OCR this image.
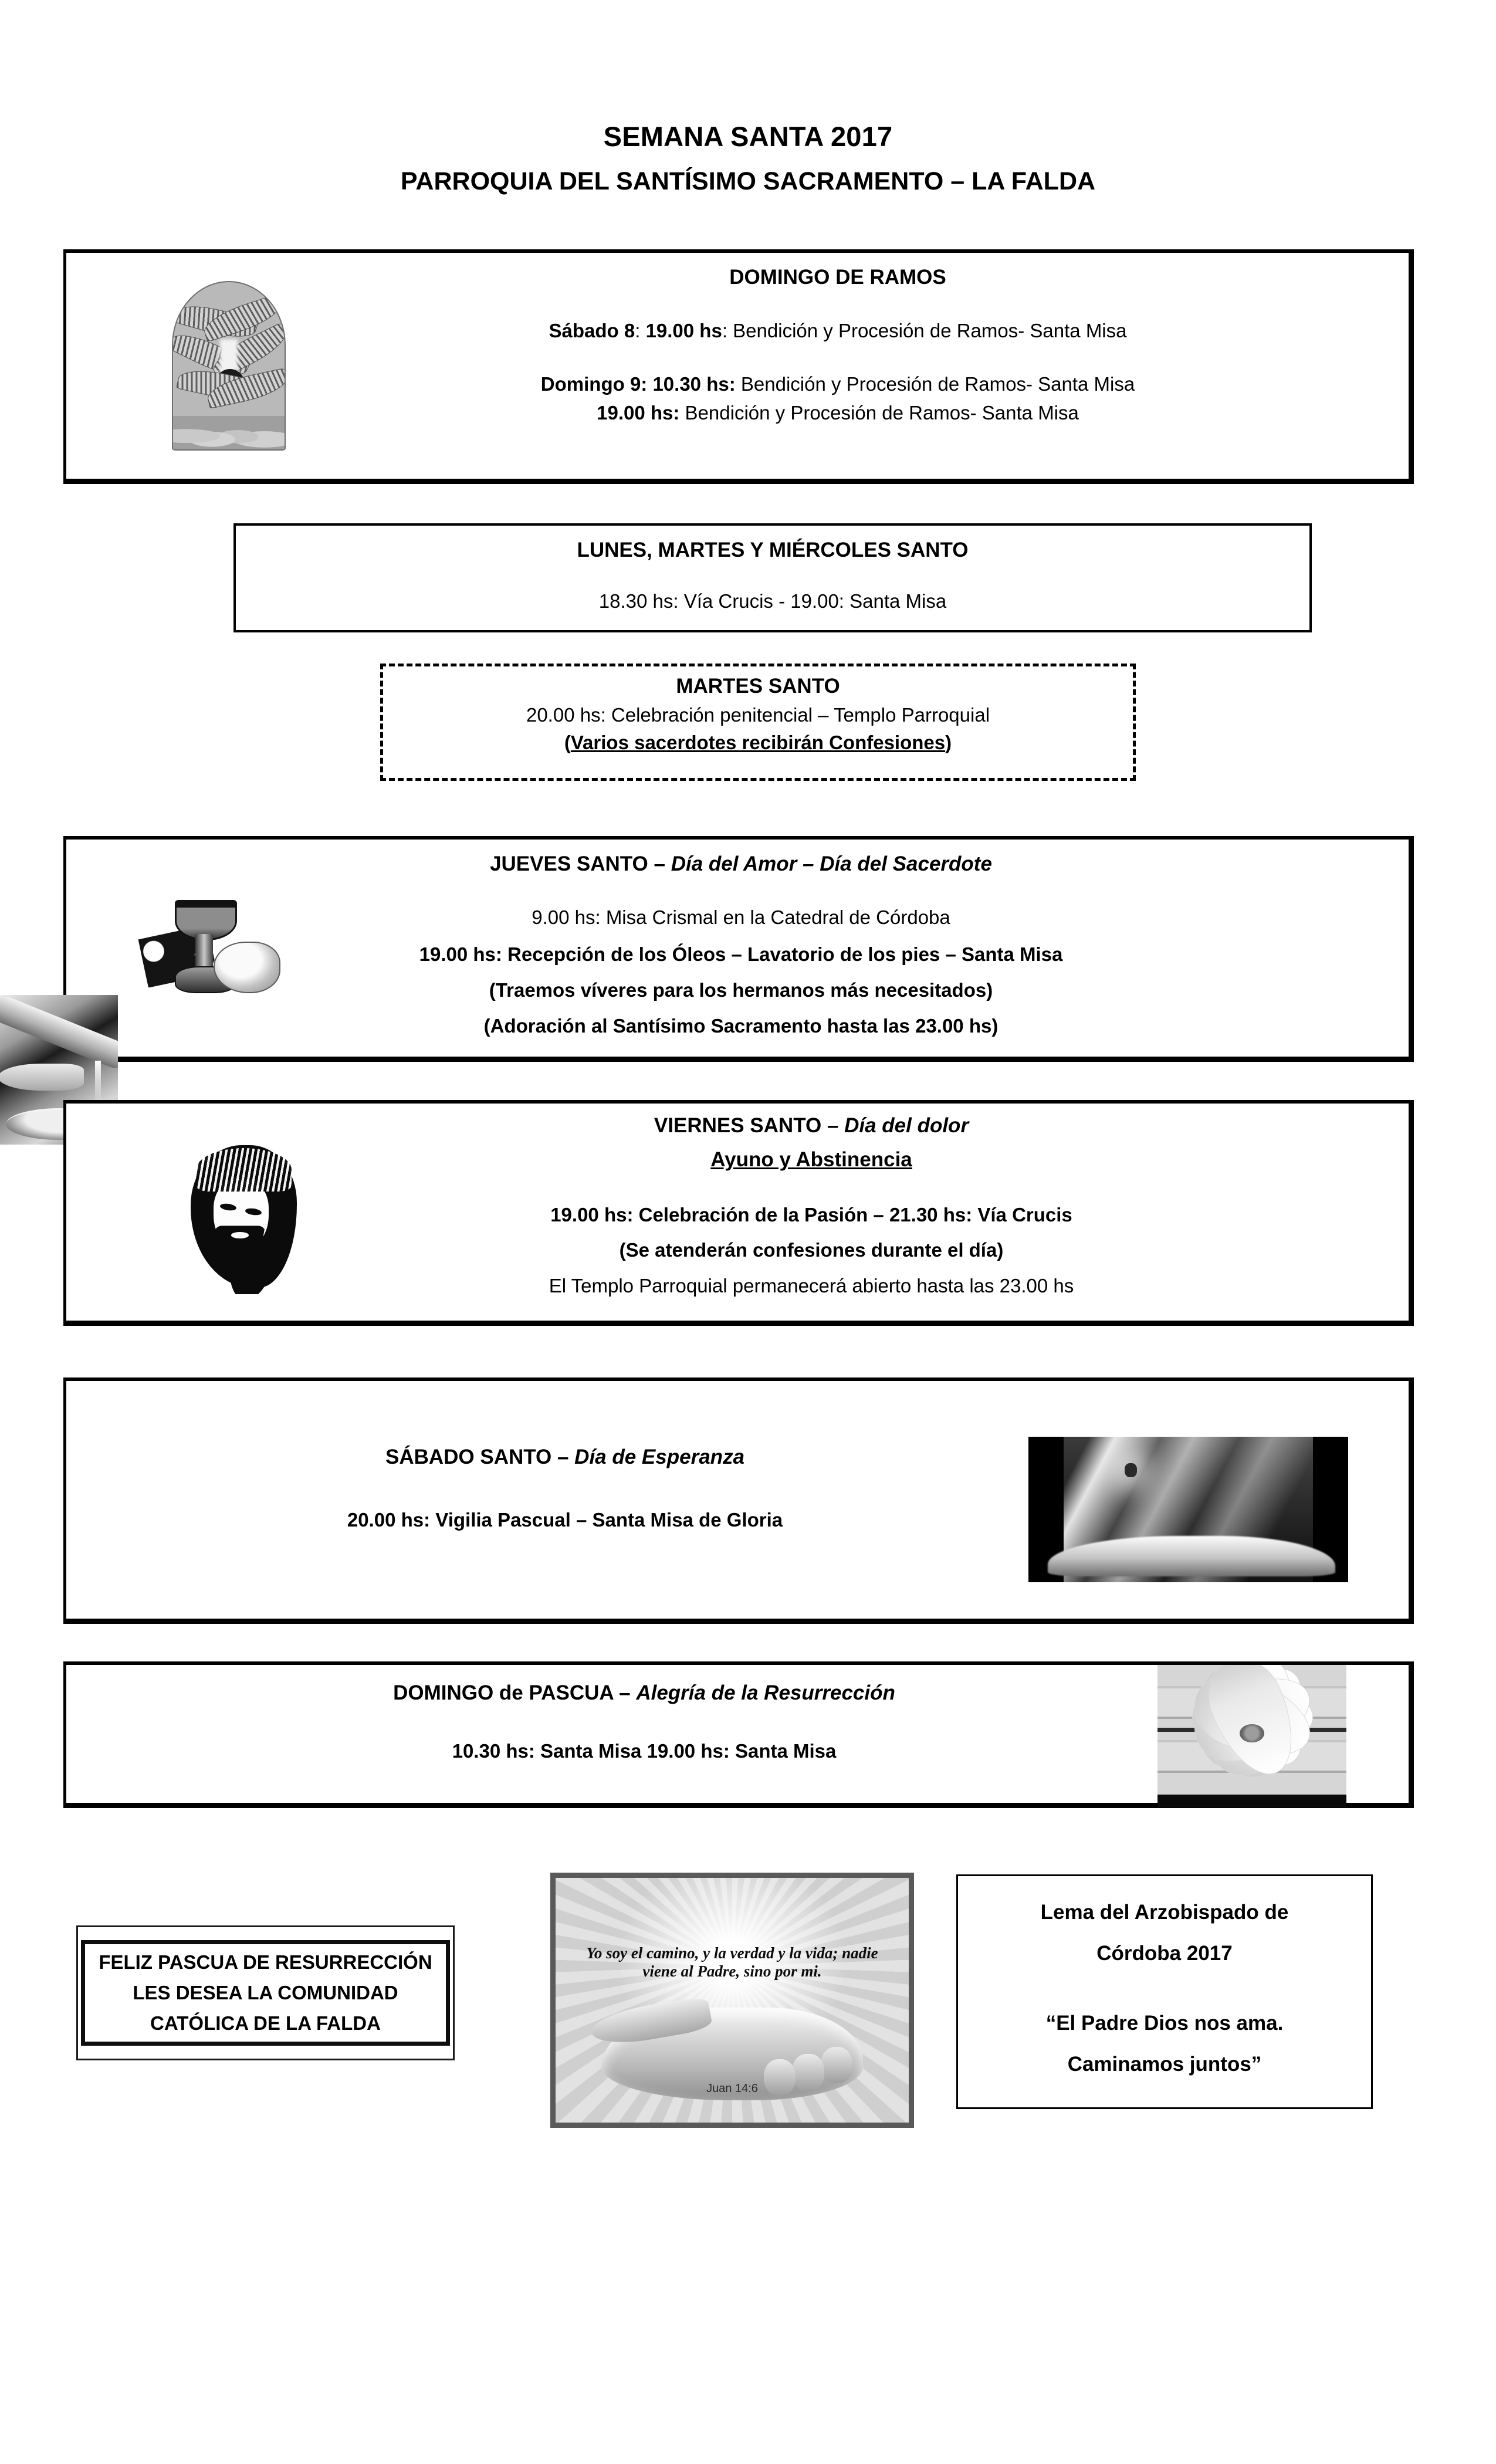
SEMANA SANTA 2017
PARROQUIA DEL SANTÍSIMO SACRAMENTO – LA FALDA
DOMINGO DE RAMOS
Sábado 8: 19.00 hs: Bendición y Procesión de Ramos- Santa Misa
Domingo 9: 10.30 hs: Bendición y Procesión de Ramos- Santa Misa
19.00 hs: Bendición y Procesión de Ramos- Santa Misa
LUNES, MARTES Y MIÉRCOLES SANTO
18.30 hs: Vía Crucis - 19.00: Santa Misa
MARTES SANTO
20.00 hs: Celebración penitencial – Templo Parroquial
(Varios sacerdotes recibirán Confesiones)
JUEVES SANTO – Día del Amor – Día del Sacerdote
9.00 hs: Misa Crismal en la Catedral de Córdoba
19.00 hs: Recepción de los Óleos – Lavatorio de los pies – Santa Misa
(Traemos víveres para los hermanos más necesitados)
(Adoración al Santísimo Sacramento hasta las 23.00 hs)
VIERNES SANTO – Día del dolor
Ayuno y Abstinencia
19.00 hs: Celebración de la Pasión – 21.30 hs: Vía Crucis
(Se atenderán confesiones durante el día)
El Templo Parroquial permanecerá abierto hasta las 23.00 hs
SÁBADO SANTO – Día de Esperanza
20.00 hs: Vigilia Pascual – Santa Misa de Gloria
DOMINGO de PASCUA – Alegría de la Resurrección
10.30 hs: Santa Misa 19.00 hs: Santa Misa
FELIZ PASCUA DE RESURRECCIÓN
LES DESEA LA COMUNIDAD
CATÓLICA DE LA FALDA
Yo soy el camino, y la verdad y la vida; nadie viene al Padre, sino por mi.
Juan 14:6
Lema del Arzobispado de
Córdoba 2017
“El Padre Dios nos ama.
Caminamos juntos”
